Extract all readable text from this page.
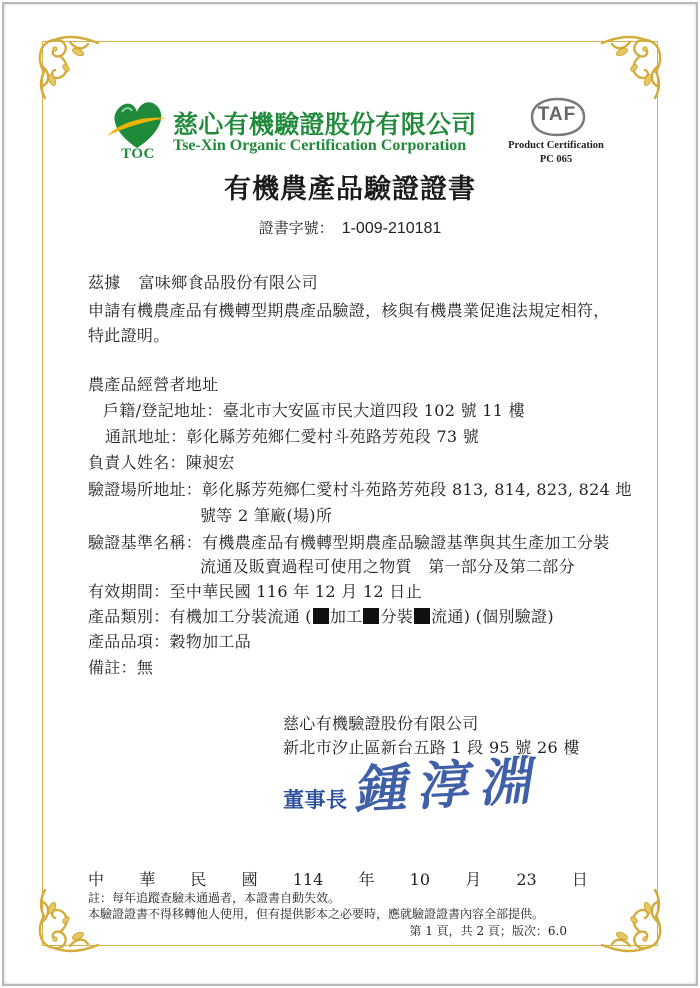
TOC
慈心有機驗證股份有限公司
Tse-Xin Organic Certification Corporation
TAF
Product Certification
PC 065
有機農產品驗證證書
證書字號： 1-009-210181
茲據 富味鄉食品股份有限公司
申請有機農產品有機轉型期農產品驗證，核與有機農業促進法規定相符，
特此證明。
農產品經營者地址
戶籍/登記地址：臺北市大安區市民大道四段 102 號 11 樓
通訊地址：彰化縣芳苑鄉仁愛村斗苑路芳苑段 73 號
負責人姓名：陳昶宏
驗證場所地址：彰化縣芳苑鄉仁愛村斗苑路芳苑段 813, 814, 823, 824 地
號等 2 筆廠(場)所
驗證基準名稱：有機農產品有機轉型期農產品驗證基準與其生產加工分裝
流通及販賣過程可使用之物質　第一部分及第二部分
有效期間：至中華民國 116 年 12 月 12 日止
產品類別：有機加工分裝流通 ( 加工 分裝 流通) (個別驗證)
產品品項：穀物加工品
備註：無
慈心有機驗證股份有限公司
新北市汐止區新台五路 1 段 95 號 26 樓
董事長 鍾淳淵
中 華 民 國 114 年 10 月 23 日
註：每年追蹤查驗未通過者，本證書自動失效。
本驗證證書不得移轉他人使用，但有提供影本之必要時，應就驗證證書內容全部提供。
第 1 頁，共 2 頁；版次：6.0
